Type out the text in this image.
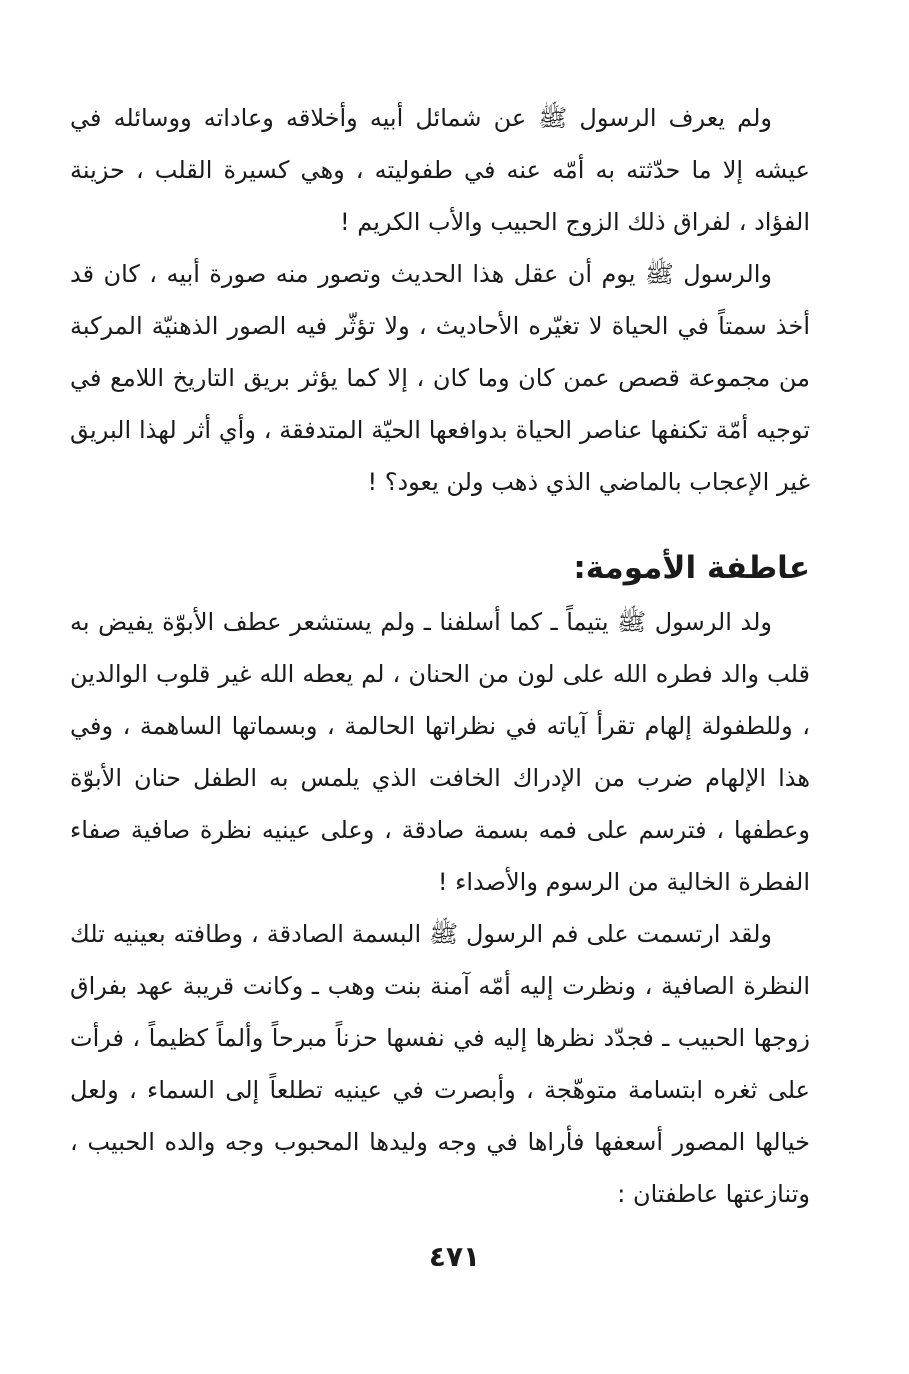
ولم يعرف الرسول ﷺ عن شمائل أبيه وأخلاقه وعاداته ووسائله في عيشه إلا ما حدّثته به أمّه عنه في طفوليته ، وهي كسيرة القلب ، حزينة الفؤاد ، لفراق ذلك الزوج الحبيب والأب الكريم !

والرسول ﷺ يوم أن عقل هذا الحديث وتصور منه صورة أبيه ، كان قد أخذ سمتاً في الحياة لا تغيّره الأحاديث ، ولا تؤثّر فيه الصور الذهنيّة المركبة من مجموعة قصص عمن كان وما كان ، إلا كما يؤثر بريق التاريخ اللامع في توجيه أمّة تكنفها عناصر الحياة بدوافعها الحيّة المتدفقة ، وأي أثر لهذا البريق غير الإعجاب بالماضي الذي ذهب ولن يعود؟ !

عاطفة الأمومة:

ولد الرسول ﷺ يتيماً ـ كما أسلفنا ـ ولم يستشعر عطف الأبوّة يفيض به قلب والد فطره الله على لون من الحنان ، لم يعطه الله غير قلوب الوالدين ، وللطفولة إلهام تقرأ آياته في نظراتها الحالمة ، وبسماتها الساهمة ، وفي هذا الإلهام ضرب من الإدراك الخافت الذي يلمس به الطفل حنان الأبوّة وعطفها ، فترسم على فمه بسمة صادقة ، وعلى عينيه نظرة صافية صفاء الفطرة الخالية من الرسوم والأصداء !

ولقد ارتسمت على فم الرسول ﷺ البسمة الصادقة ، وطافته بعينيه تلك النظرة الصافية ، ونظرت إليه أمّه آمنة بنت وهب ـ وكانت قريبة عهد بفراق زوجها الحبيب ـ فجدّد نظرها إليه في نفسها حزناً مبرحاً وألماً كظيماً ، فرأت على ثغره ابتسامة متوهّجة ، وأبصرت في عينيه تطلعاً إلى السماء ، ولعل خيالها المصور أسعفها فأراها في وجه وليدها المحبوب وجه والده الحبيب ، وتنازعتها عاطفتان :

٤٧١
